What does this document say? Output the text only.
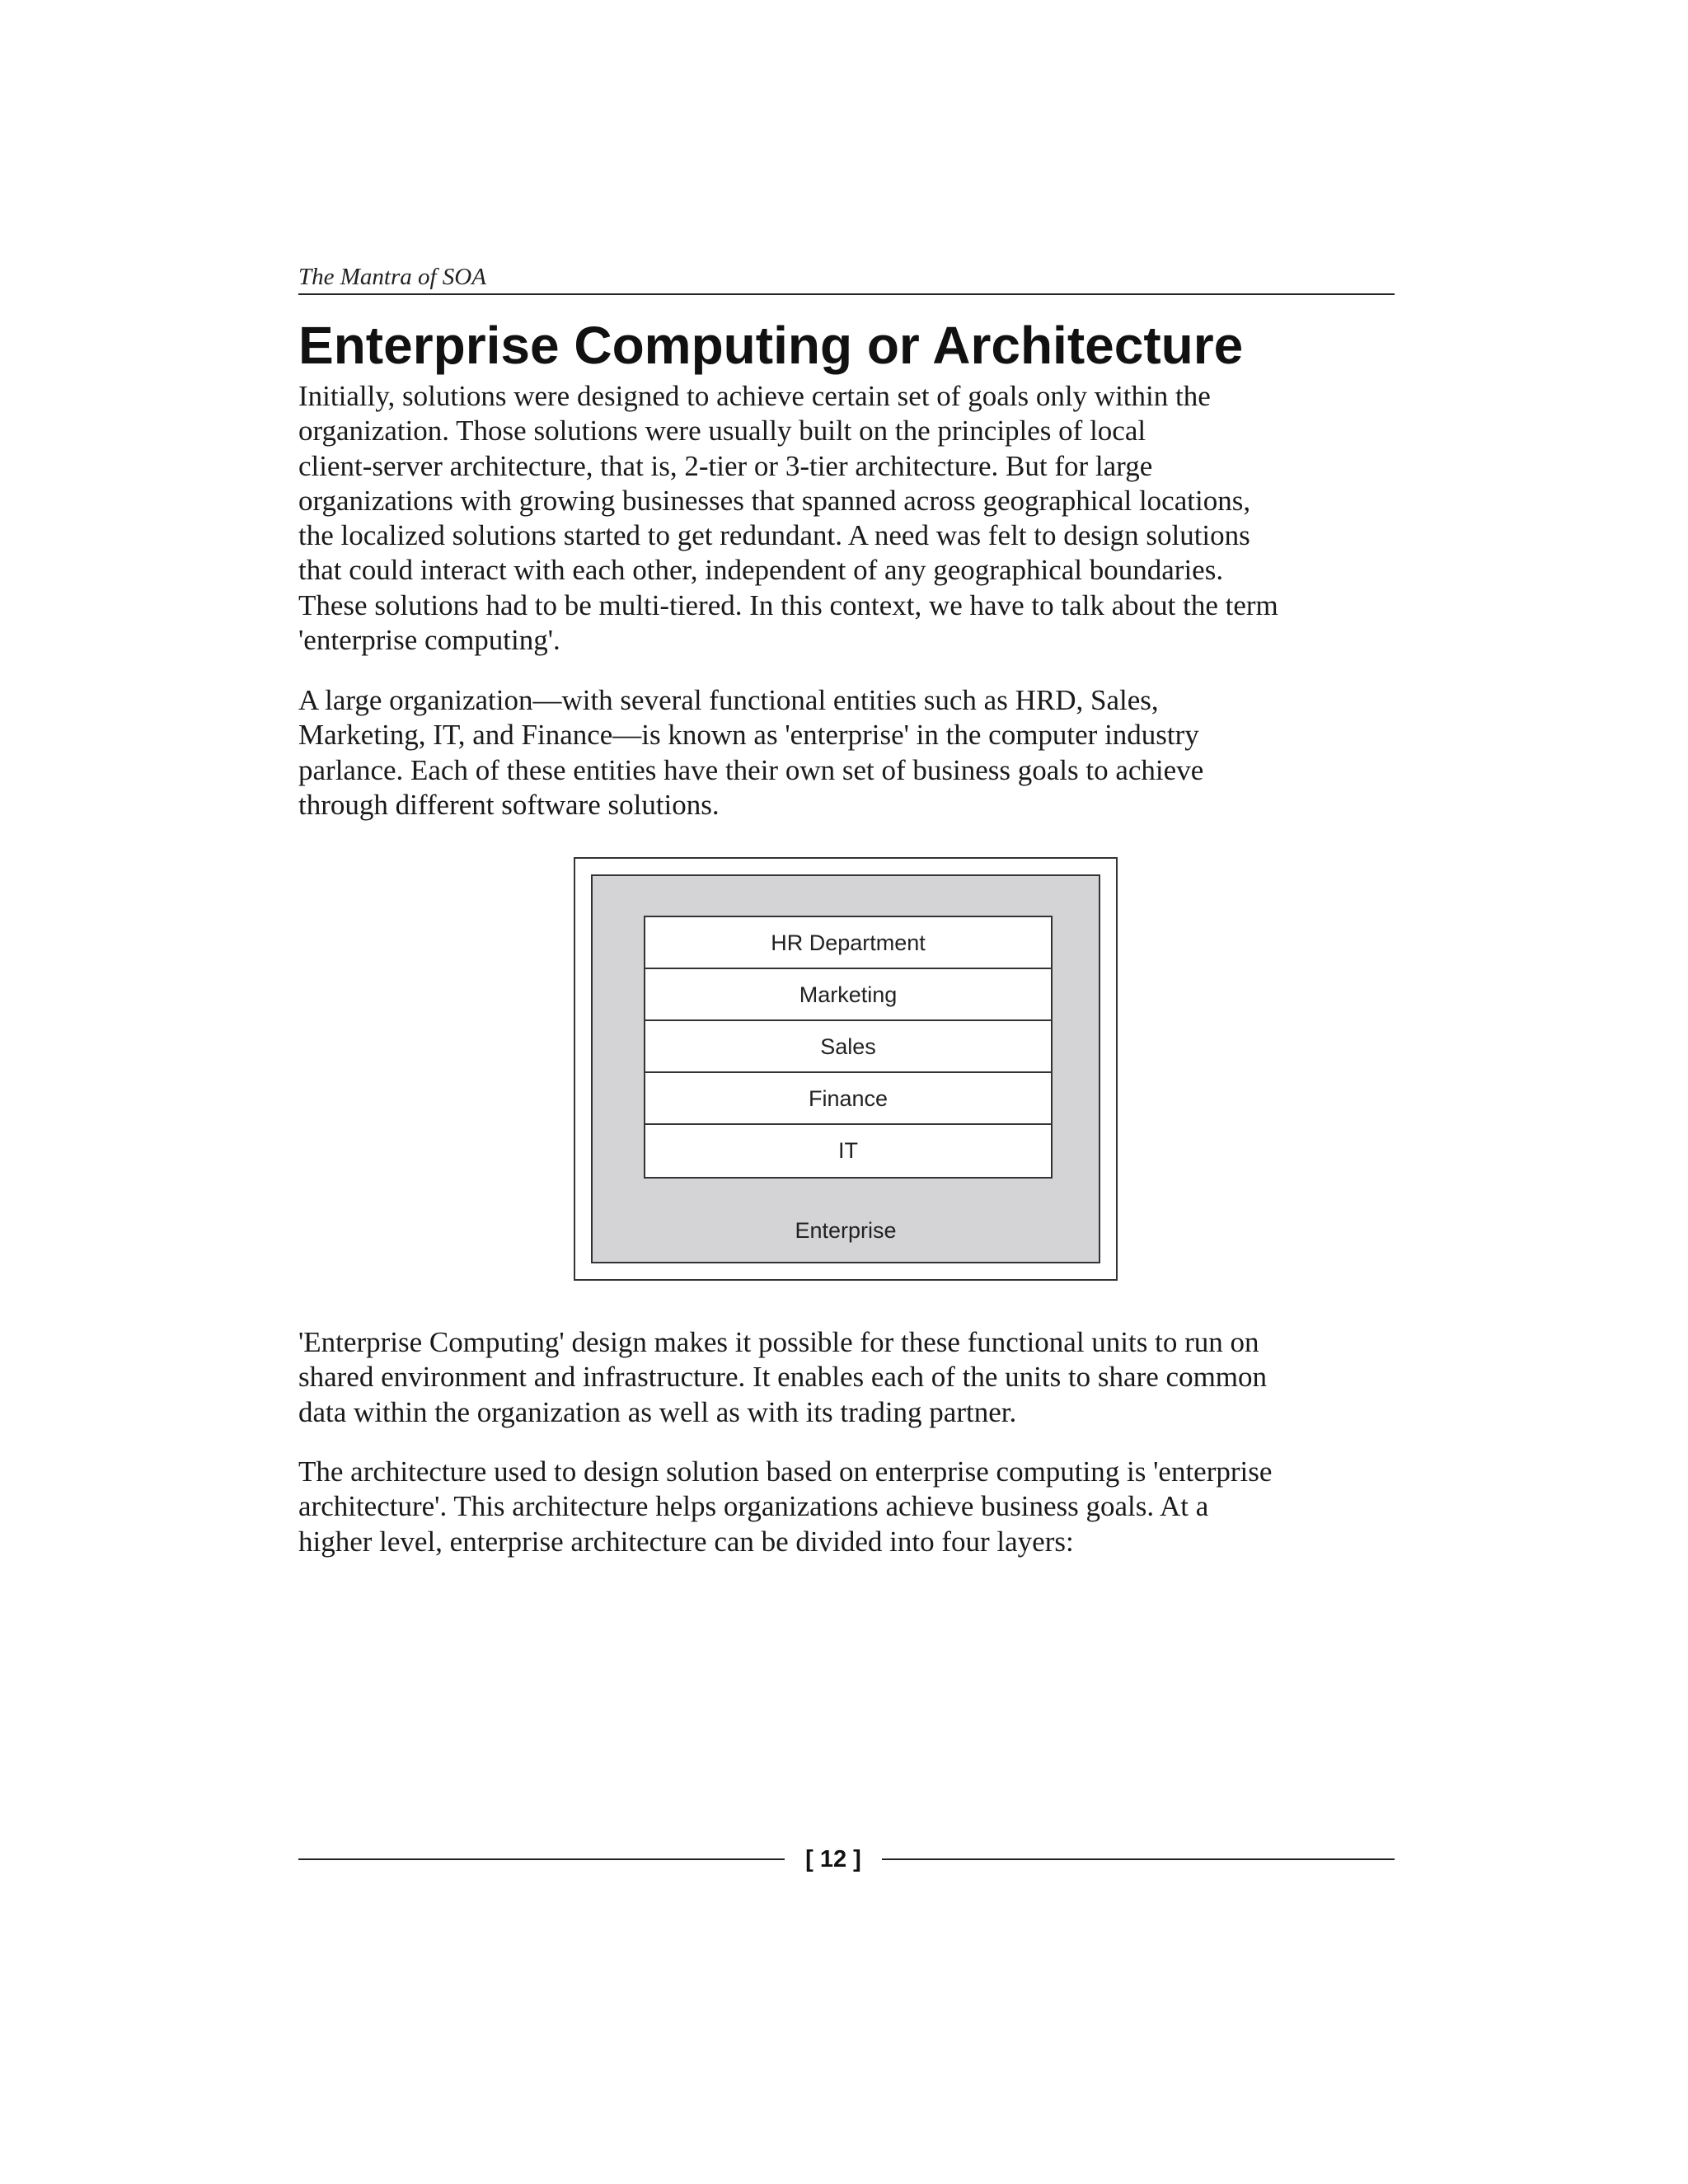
The Mantra of SOA
Enterprise Computing or Architecture

Initially, solutions were designed to achieve certain set of goals only within the
organization. Those solutions were usually built on the principles of local
client-server architecture, that is, 2-tier or 3-tier architecture. But for large
organizations with growing businesses that spanned across geographical locations,
the localized solutions started to get redundant. A need was felt to design solutions
that could interact with each other, independent of any geographical boundaries.
These solutions had to be multi-tiered. In this context, we have to talk about the term
'enterprise computing'.

A large organization—with several functional entities such as HRD, Sales,
Marketing, IT, and Finance—is known as 'enterprise' in the computer industry
parlance. Each of these entities have their own set of business goals to achieve
through different software solutions.

HR Department
Marketing
Sales
Finance
IT
Enterprise

'Enterprise Computing' design makes it possible for these functional units to run on
shared environment and infrastructure. It enables each of the units to share common
data within the organization as well as with its trading partner.

The architecture used to design solution based on enterprise computing is 'enterprise
architecture'. This architecture helps organizations achieve business goals. At a
higher level, enterprise architecture can be divided into four layers:

[ 12 ]
